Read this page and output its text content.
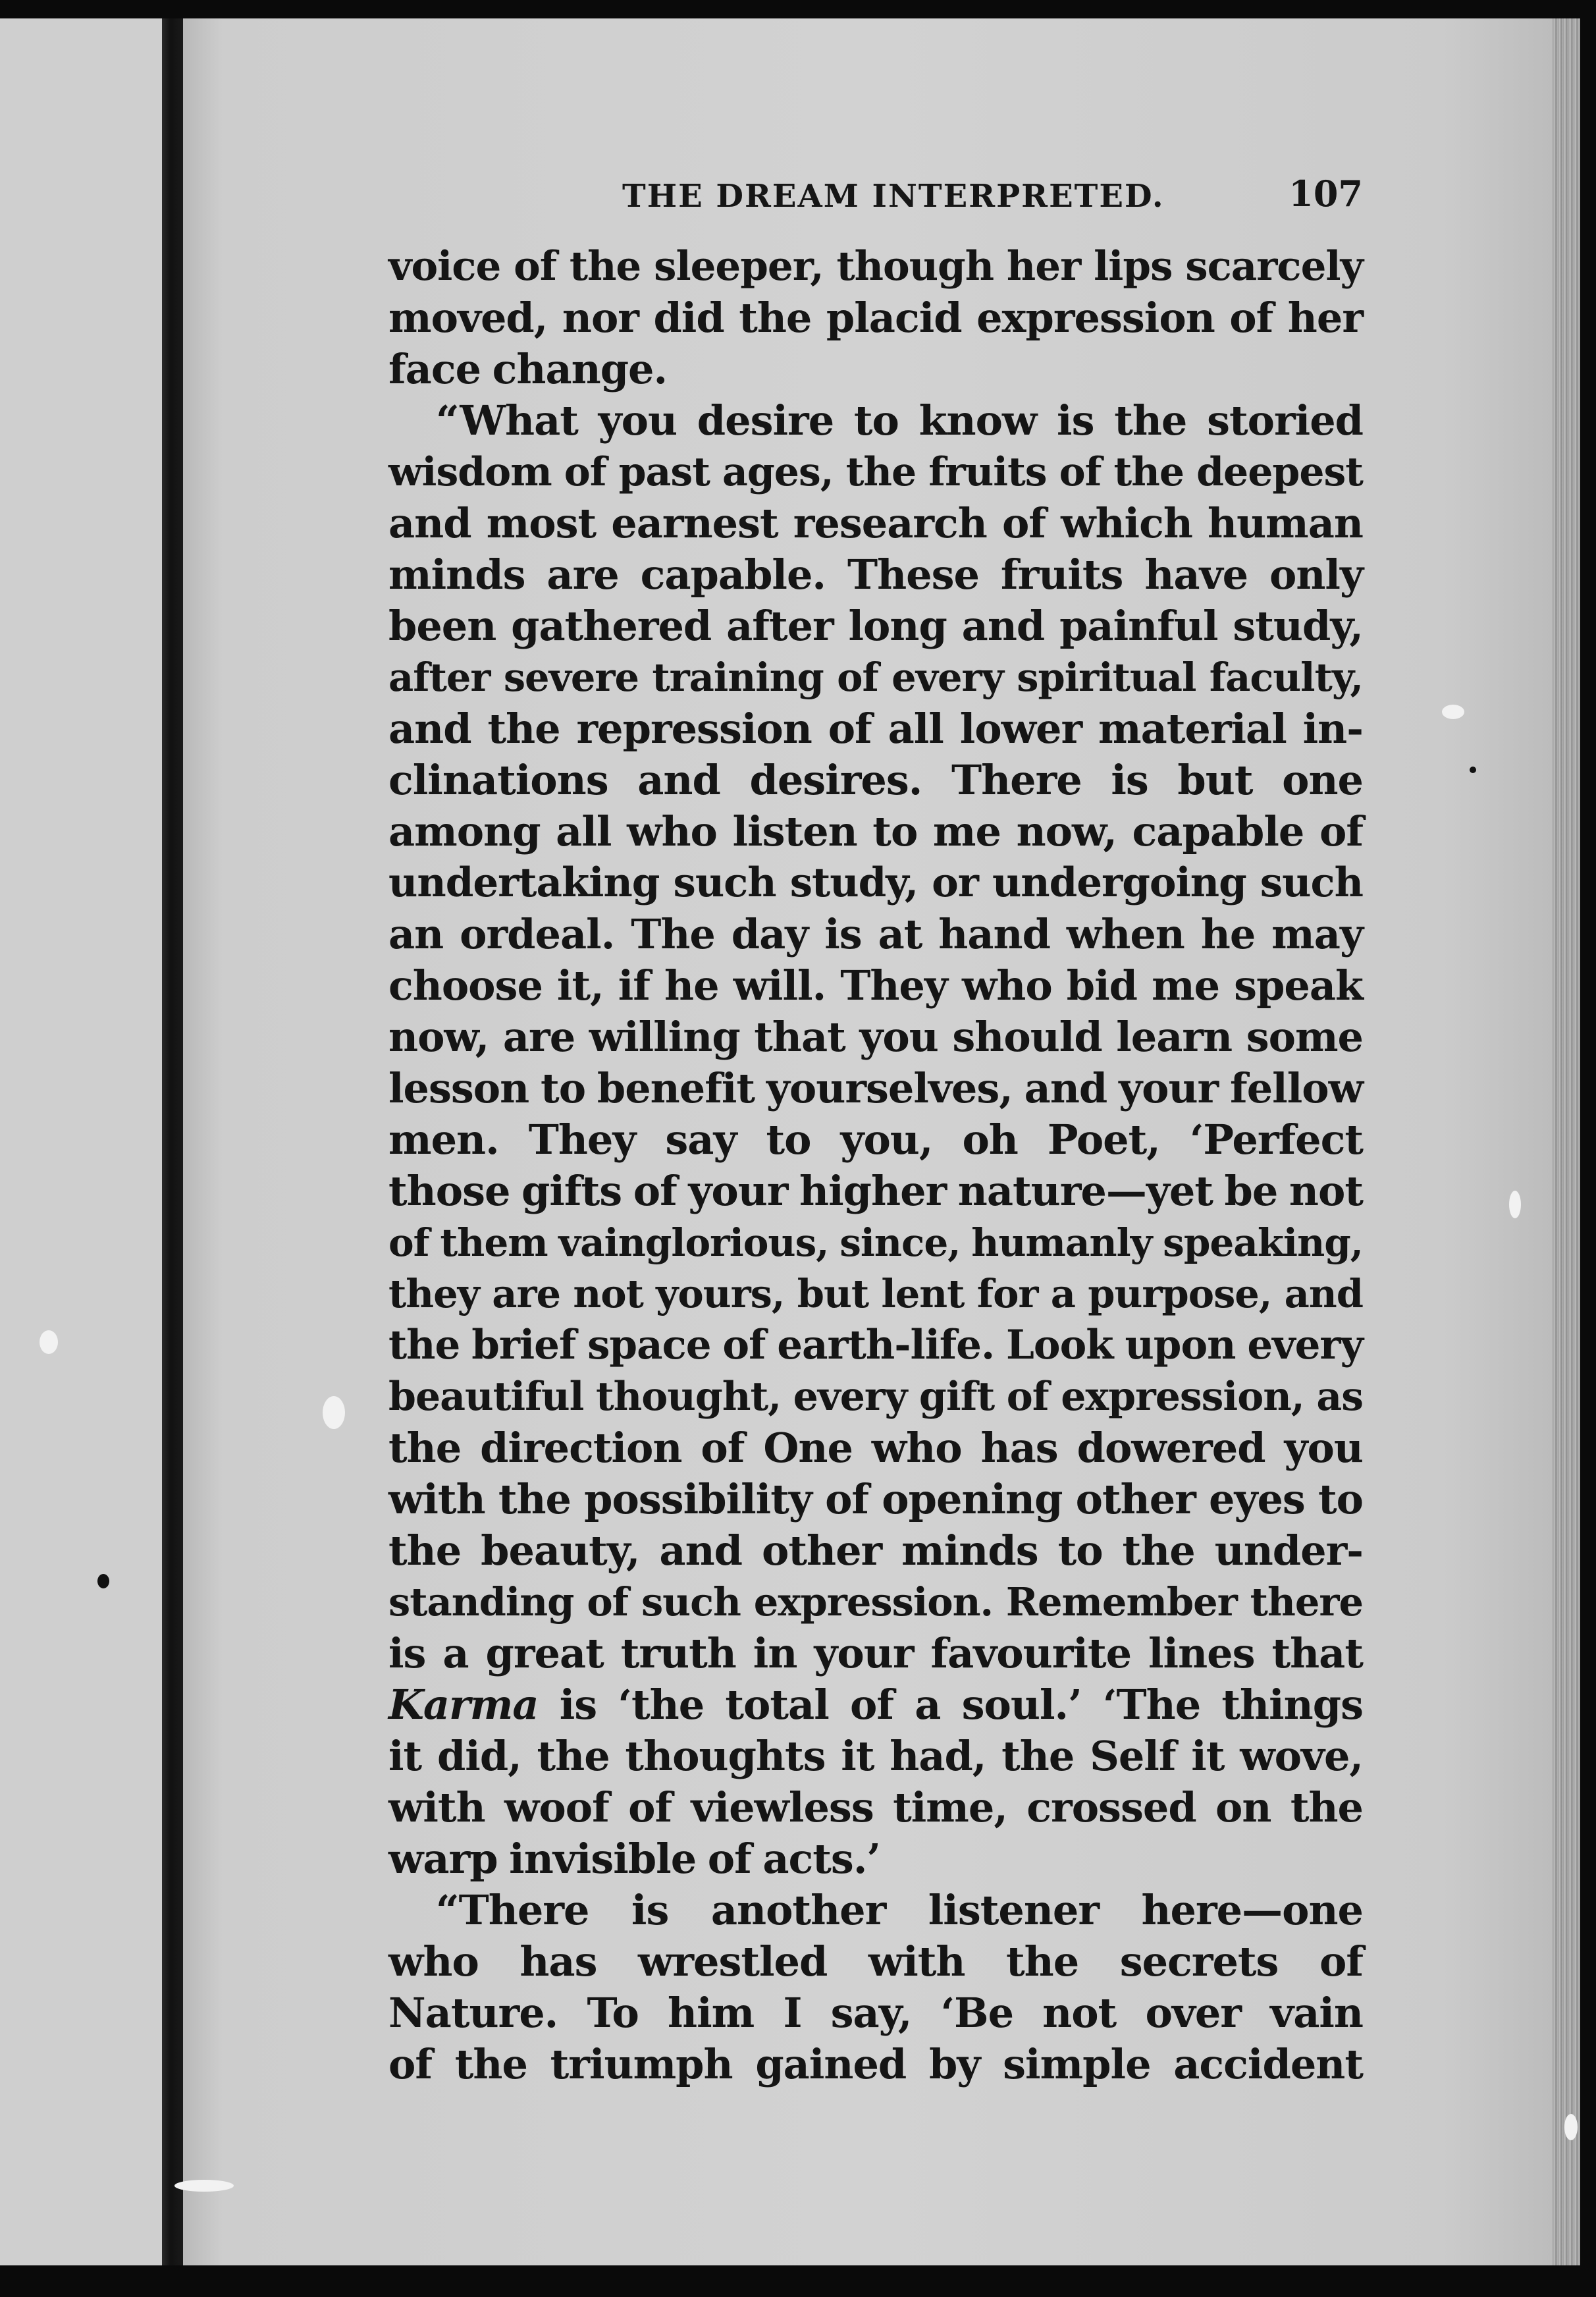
THE DREAM INTERPRETED.	107
voice of the sleeper, though her lips scarcely
moved, nor did the placid expression of her
face change.
“What you desire to know is the storied
wisdom of past ages, the fruits of the deepest
and most earnest research of which human
minds are capable. These fruits have only
been gathered after long and painful study,
after severe training of every spiritual faculty,
and the repression of all lower material in-
clinations and desires. There is but one
among all who listen to me now, capable of
undertaking such study, or undergoing such
an ordeal. The day is at hand when he may
choose it, if he will. They who bid me speak
now, are willing that you should learn some
lesson to benefit yourselves, and your fellow
men. They say to you, oh Poet, ‘Perfect
those gifts of your higher nature—yet be not
of them vainglorious, since, humanly speaking,
they are not yours, but lent for a purpose, and
the brief space of earth-life. Look upon every
beautiful thought, every gift of expression, as
the direction of One who has dowered you
with the possibility of opening other eyes to
the beauty, and other minds to the under-
standing of such expression. Remember there
is a great truth in your favourite lines that
Karma is ‘the total of a soul.’ ‘The things
it did, the thoughts it had, the Self it wove,
with woof of viewless time, crossed on the
warp invisible of acts.’
“There is another listener here—one
who has wrestled with the secrets of
Nature. To him I say, ‘Be not over vain
of the triumph gained by simple accident
